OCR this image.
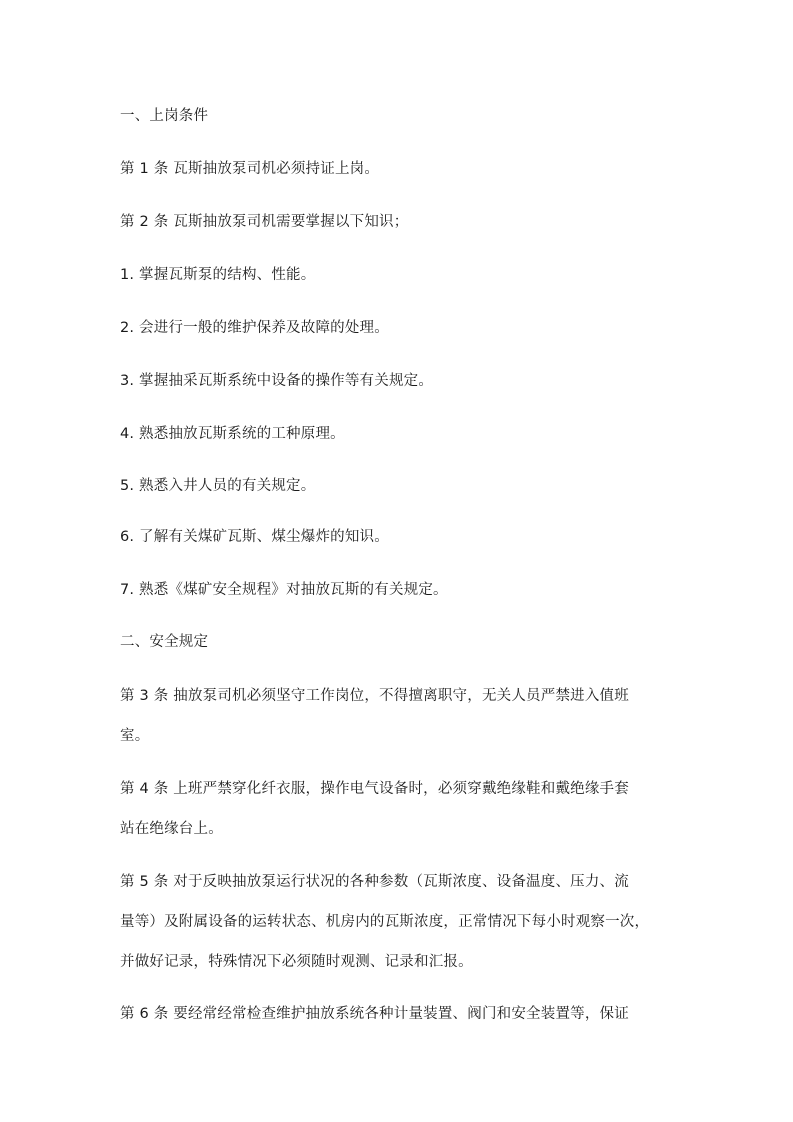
一、上岗条件
第 1 条 瓦斯抽放泵司机必须持证上岗。
第 2 条 瓦斯抽放泵司机需要掌握以下知识；
1. 掌握瓦斯泵的结构、性能。
2. 会进行一般的维护保养及故障的处理。
3. 掌握抽采瓦斯系统中设备的操作等有关规定。
4. 熟悉抽放瓦斯系统的工种原理。
5. 熟悉入井人员的有关规定。
6. 了解有关煤矿瓦斯、煤尘爆炸的知识。
7. 熟悉《煤矿安全规程》对抽放瓦斯的有关规定。
二、安全规定
第 3 条 抽放泵司机必须坚守工作岗位，不得擅离职守，无关人员严禁进入值班
室。
第 4 条 上班严禁穿化纤衣服，操作电气设备时，必须穿戴绝缘鞋和戴绝缘手套
站在绝缘台上。
第 5 条 对于反映抽放泵运行状况的各种参数（瓦斯浓度、设备温度、压力、流
量等）及附属设备的运转状态、机房内的瓦斯浓度，正常情况下每小时观察一次，
并做好记录，特殊情况下必须随时观测、记录和汇报。
第 6 条 要经常经常检查维护抽放系统各种计量装置、阀门和安全装置等，保证
